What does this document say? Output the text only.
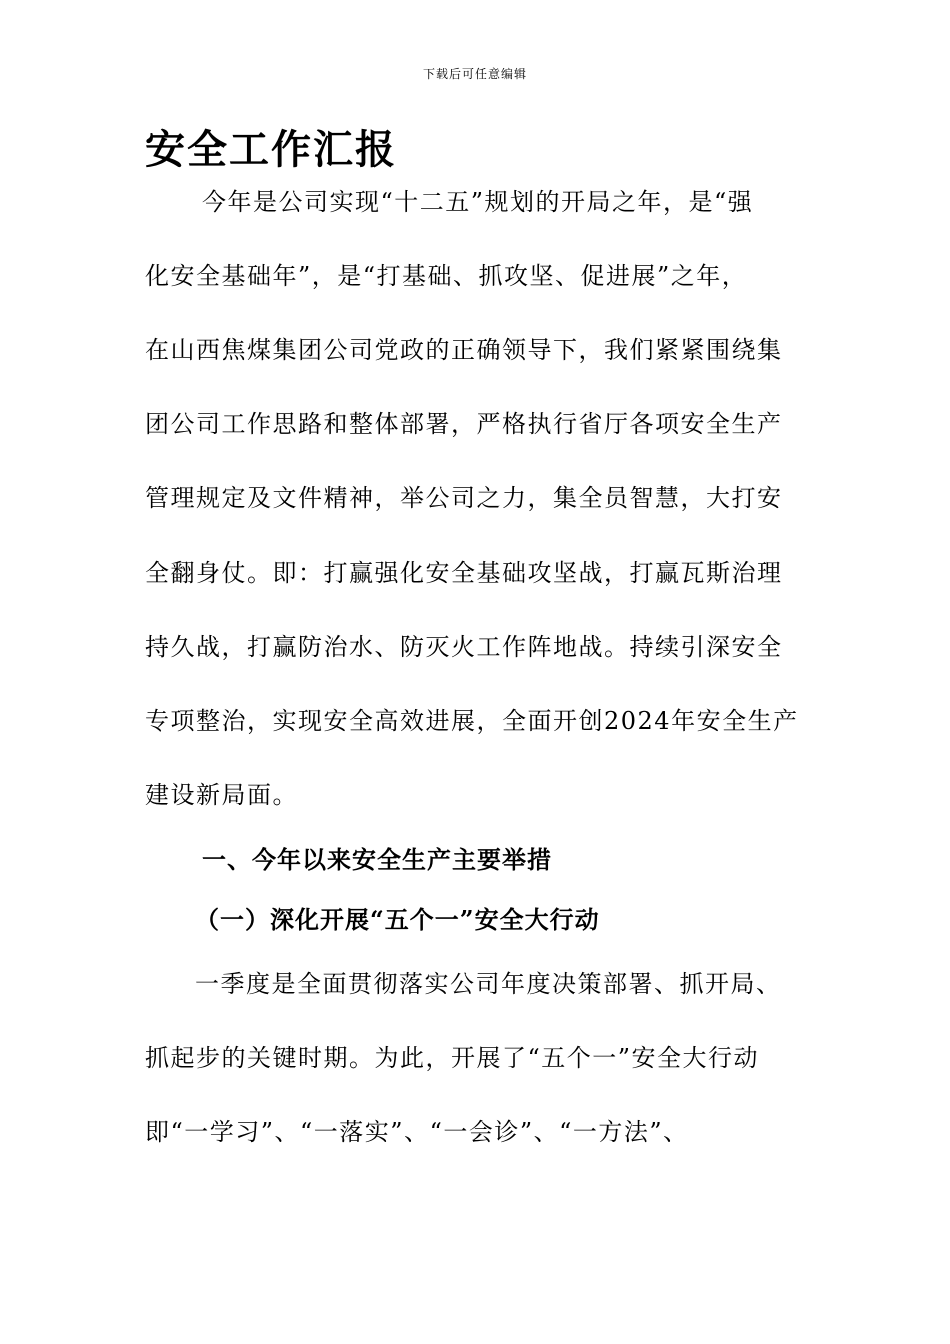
下载后可任意编辑
安全工作汇报
今年是公司实现“十二五”规划的开局之年，是“强
化安全基础年”，是“打基础、抓攻坚、促进展”之年，
在山西焦煤集团公司党政的正确领导下，我们紧紧围绕集
团公司工作思路和整体部署，严格执行省厅各项安全生产
管理规定及文件精神，举公司之力，集全员智慧，大打安
全翻身仗。即：打赢强化安全基础攻坚战，打赢瓦斯治理
持久战，打赢防治水、防灭火工作阵地战。持续引深安全
专项整治，实现安全高效进展，全面开创2024年安全生产
建设新局面。
一、今年以来安全生产主要举措
（一）深化开展“五个一”安全大行动
一季度是全面贯彻落实公司年度决策部署、抓开局、
抓起步的关键时期。为此，开展了“五个一”安全大行动
即“一学习”、“一落实”、“一会诊”、“一方法”、
